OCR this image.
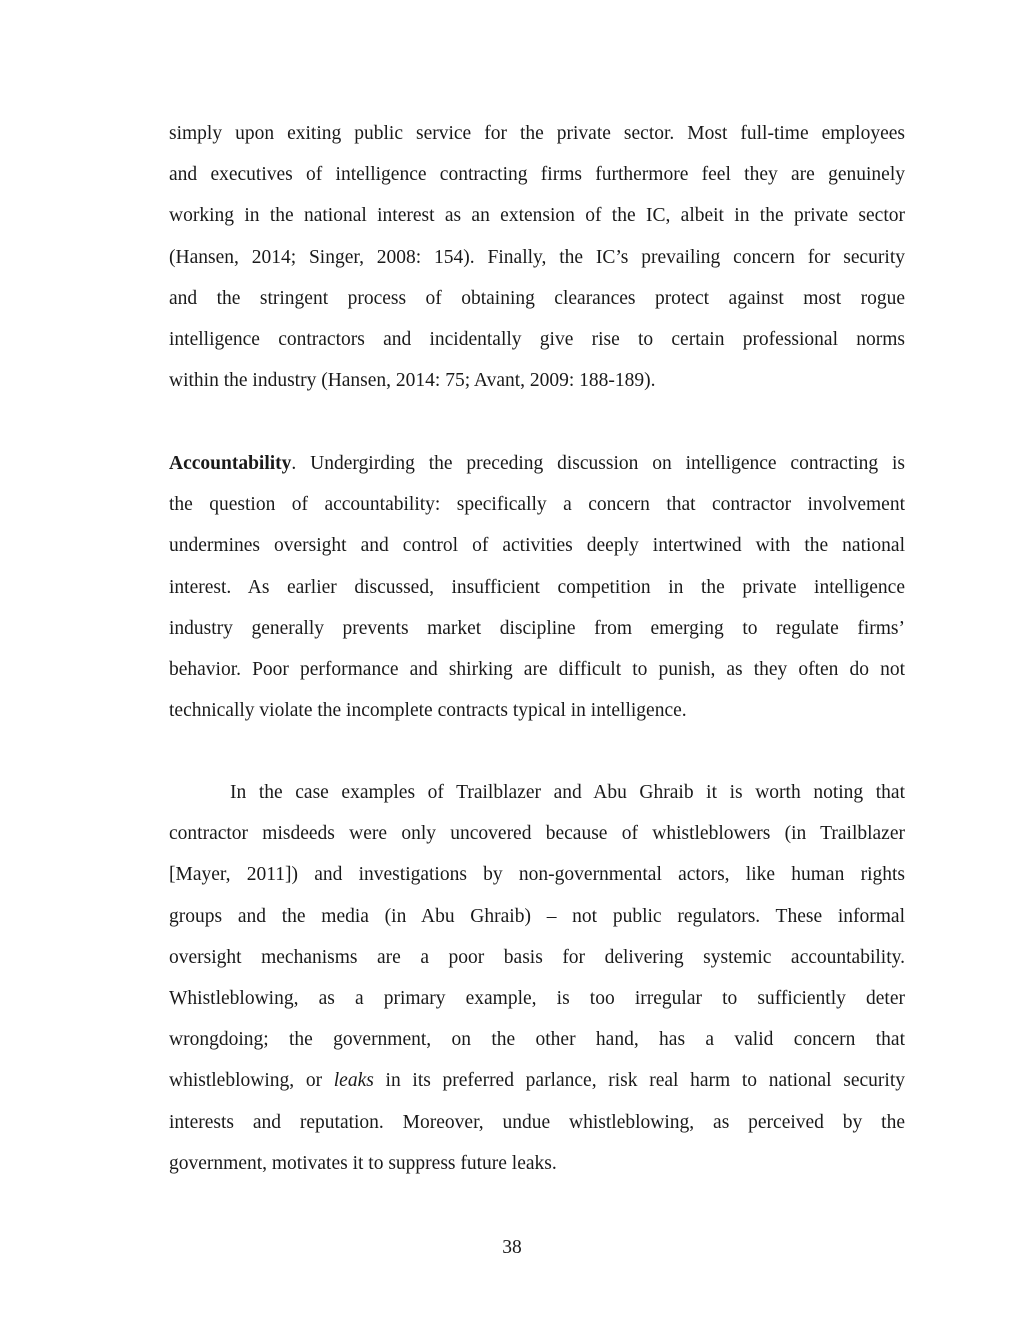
simply upon exiting public service for the private sector. Most full-time employees
and executives of intelligence contracting firms furthermore feel they are genuinely
working in the national interest as an extension of the IC, albeit in the private sector
(Hansen, 2014; Singer, 2008: 154). Finally, the IC’s prevailing concern for security
and the stringent process of obtaining clearances protect against most rogue
intelligence contractors and incidentally give rise to certain professional norms
within the industry (Hansen, 2014: 75; Avant, 2009: 188-189).
Accountability. Undergirding the preceding discussion on intelligence contracting is
the question of accountability: specifically a concern that contractor involvement
undermines oversight and control of activities deeply intertwined with the national
interest. As earlier discussed, insufficient competition in the private intelligence
industry generally prevents market discipline from emerging to regulate firms’
behavior. Poor performance and shirking are difficult to punish, as they often do not
technically violate the incomplete contracts typical in intelligence.
In the case examples of Trailblazer and Abu Ghraib it is worth noting that
contractor misdeeds were only uncovered because of whistleblowers (in Trailblazer
[Mayer, 2011]) and investigations by non-governmental actors, like human rights
groups and the media (in Abu Ghraib) – not public regulators. These informal
oversight mechanisms are a poor basis for delivering systemic accountability.
Whistleblowing, as a primary example, is too irregular to sufficiently deter
wrongdoing; the government, on the other hand, has a valid concern that
whistleblowing, or leaks in its preferred parlance, risk real harm to national security
interests and reputation. Moreover, undue whistleblowing, as perceived by the
government, motivates it to suppress future leaks.
38
